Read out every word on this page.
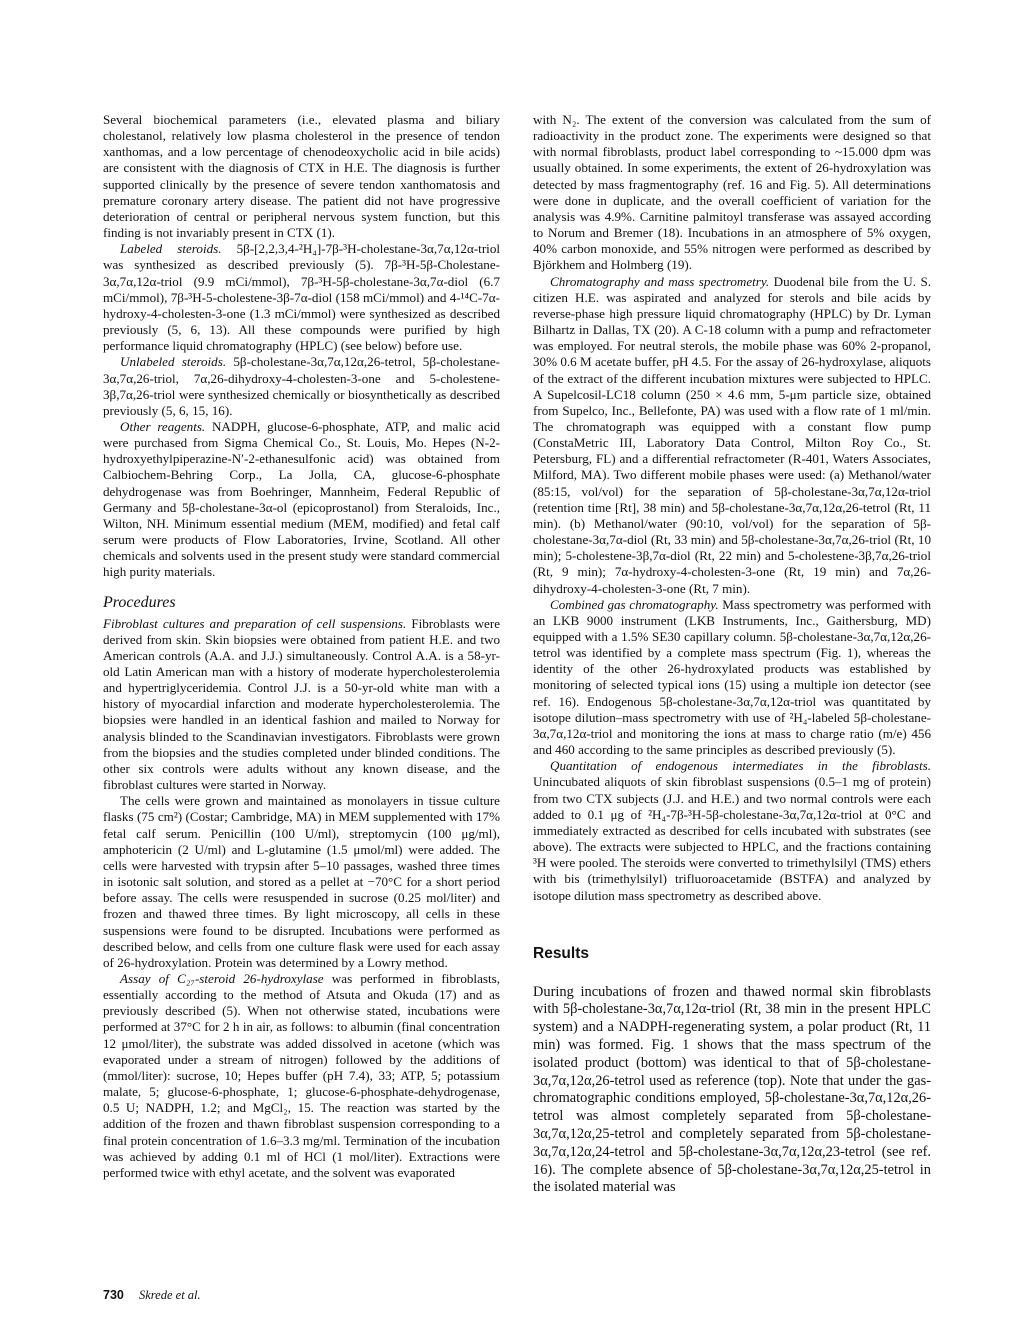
Several biochemical parameters (i.e., elevated plasma and biliary cholestanol, relatively low plasma cholesterol in the presence of tendon xanthomas, and a low percentage of chenodeoxycholic acid in bile acids) are consistent with the diagnosis of CTX in H.E. The diagnosis is further supported clinically by the presence of severe tendon xanthomatosis and premature coronary artery disease. The patient did not have progressive deterioration of central or peripheral nervous system function, but this finding is not invariably present in CTX (1).

Labeled steroids. 5β-[2,2,3,4-²H₄]-7β-³H-cholestane-3α,7α,12α-triol was synthesized as described previously (5). 7β-³H-5β-Cholestane-3α,7α,12α-triol (9.9 mCi/mmol), 7β-³H-5β-cholestane-3α,7α-diol (6.7 mCi/mmol), 7β-³H-5-cholestene-3β-7α-diol (158 mCi/mmol) and 4-¹⁴C-7α-hydroxy-4-cholesten-3-one (1.3 mCi/mmol) were synthesized as described previously (5, 6, 13). All these compounds were purified by high performance liquid chromatography (HPLC) (see below) before use.

Unlabeled steroids. 5β-cholestane-3α,7α,12α,26-tetrol, 5β-cholestane-3α,7α,26-triol, 7α,26-dihydroxy-4-cholesten-3-one and 5-cholestene-3β,7α,26-triol were synthesized chemically or biosynthetically as described previously (5, 6, 15, 16).

Other reagents. NADPH, glucose-6-phosphate, ATP, and malic acid were purchased from Sigma Chemical Co., St. Louis, Mo. Hepes (N-2-hydroxyethylpiperazine-N′-2-ethanesulfonic acid) was obtained from Calbiochem-Behring Corp., La Jolla, CA, glucose-6-phosphate dehydrogenase was from Boehringer, Mannheim, Federal Republic of Germany and 5β-cholestane-3α-ol (epicoprostanol) from Steraloids, Inc., Wilton, NH. Minimum essential medium (MEM, modified) and fetal calf serum were products of Flow Laboratories, Irvine, Scotland. All other chemicals and solvents used in the present study were standard commercial high purity materials.

Procedures

Fibroblast cultures and preparation of cell suspensions. Fibroblasts were derived from skin. Skin biopsies were obtained from patient H.E. and two American controls (A.A. and J.J.) simultaneously. Control A.A. is a 58-yr-old Latin American man with a history of moderate hypercholesterolemia and hypertriglyceridemia. Control J.J. is a 50-yr-old white man with a history of myocardial infarction and moderate hypercholesterolemia. The biopsies were handled in an identical fashion and mailed to Norway for analysis blinded to the Scandinavian investigators. Fibroblasts were grown from the biopsies and the studies completed under blinded conditions. The other six controls were adults without any known disease, and the fibroblast cultures were started in Norway.

The cells were grown and maintained as monolayers in tissue culture flasks (75 cm²) (Costar; Cambridge, MA) in MEM supplemented with 17% fetal calf serum. Penicillin (100 U/ml), streptomycin (100 μg/ml), amphotericin (2 U/ml) and L-glutamine (1.5 μmol/ml) were added. The cells were harvested with trypsin after 5–10 passages, washed three times in isotonic salt solution, and stored as a pellet at −70°C for a short period before assay. The cells were resuspended in sucrose (0.25 mol/liter) and frozen and thawed three times. By light microscopy, all cells in these suspensions were found to be disrupted. Incubations were performed as described below, and cells from one culture flask were used for each assay of 26-hydroxylation. Protein was determined by a Lowry method.

Assay of C₂₇-steroid 26-hydroxylase was performed in fibroblasts, essentially according to the method of Atsuta and Okuda (17) and as previously described (5). When not otherwise stated, incubations were performed at 37°C for 2 h in air, as follows: to albumin (final concentration 12 μmol/liter), the substrate was added dissolved in acetone (which was evaporated under a stream of nitrogen) followed by the additions of (mmol/liter): sucrose, 10; Hepes buffer (pH 7.4), 33; ATP, 5; potassium malate, 5; glucose-6-phosphate, 1; glucose-6-phosphate-dehydrogenase, 0.5 U; NADPH, 1.2; and MgCl₂, 15. The reaction was started by the addition of the frozen and thawn fibroblast suspension corresponding to a final protein concentration of 1.6–3.3 mg/ml. Termination of the incubation was achieved by adding 0.1 ml of HCl (1 mol/liter). Extractions were performed twice with ethyl acetate, and the solvent was evaporated

with N₂. The extent of the conversion was calculated from the sum of radioactivity in the product zone. The experiments were designed so that with normal fibroblasts, product label corresponding to ~15.000 dpm was usually obtained. In some experiments, the extent of 26-hydroxylation was detected by mass fragmentography (ref. 16 and Fig. 5). All determinations were done in duplicate, and the overall coefficient of variation for the analysis was 4.9%. Carnitine palmitoyl transferase was assayed according to Norum and Bremer (18). Incubations in an atmosphere of 5% oxygen, 40% carbon monoxide, and 55% nitrogen were performed as described by Björkhem and Holmberg (19).

Chromatography and mass spectrometry. Duodenal bile from the U. S. citizen H.E. was aspirated and analyzed for sterols and bile acids by reverse-phase high pressure liquid chromatography (HPLC) by Dr. Lyman Bilhartz in Dallas, TX (20). A C-18 column with a pump and refractometer was employed. For neutral sterols, the mobile phase was 60% 2-propanol, 30% 0.6 M acetate buffer, pH 4.5. For the assay of 26-hydroxylase, aliquots of the extract of the different incubation mixtures were subjected to HPLC. A Supelcosil-LC18 column (250 × 4.6 mm, 5-μm particle size, obtained from Supelco, Inc., Bellefonte, PA) was used with a flow rate of 1 ml/min. The chromatograph was equipped with a constant flow pump (ConstaMetric III, Laboratory Data Control, Milton Roy Co., St. Petersburg, FL) and a differential refractometer (R-401, Waters Associates, Milford, MA). Two different mobile phases were used: (a) Methanol/water (85:15, vol/vol) for the separation of 5β-cholestane-3α,7α,12α-triol (retention time [Rt], 38 min) and 5β-cholestane-3α,7α,12α,26-tetrol (Rt, 11 min). (b) Methanol/water (90:10, vol/vol) for the separation of 5β-cholestane-3α,7α-diol (Rt, 33 min) and 5β-cholestane-3α,7α,26-triol (Rt, 10 min); 5-cholestene-3β,7α-diol (Rt, 22 min) and 5-cholestene-3β,7α,26-triol (Rt, 9 min); 7α-hydroxy-4-cholesten-3-one (Rt, 19 min) and 7α,26-dihydroxy-4-cholesten-3-one (Rt, 7 min).

Combined gas chromatography. Mass spectrometry was performed with an LKB 9000 instrument (LKB Instruments, Inc., Gaithersburg, MD) equipped with a 1.5% SE30 capillary column. 5β-cholestane-3α,7α,12α,26-tetrol was identified by a complete mass spectrum (Fig. 1), whereas the identity of the other 26-hydroxylated products was established by monitoring of selected typical ions (15) using a multiple ion detector (see ref. 16). Endogenous 5β-cholestane-3α,7α,12α-triol was quantitated by isotope dilution–mass spectrometry with use of ²H₄-labeled 5β-cholestane-3α,7α,12α-triol and monitoring the ions at mass to charge ratio (m/e) 456 and 460 according to the same principles as described previously (5).

Quantitation of endogenous intermediates in the fibroblasts. Unincubated aliquots of skin fibroblast suspensions (0.5–1 mg of protein) from two CTX subjects (J.J. and H.E.) and two normal controls were each added to 0.1 μg of ²H₄-7β-³H-5β-cholestane-3α,7α,12α-triol at 0°C and immediately extracted as described for cells incubated with substrates (see above). The extracts were subjected to HPLC, and the fractions containing ³H were pooled. The steroids were converted to trimethylsilyl (TMS) ethers with bis (trimethylsilyl) trifluoroacetamide (BSTFA) and analyzed by isotope dilution mass spectrometry as described above.

Results

During incubations of frozen and thawed normal skin fibroblasts with 5β-cholestane-3α,7α,12α-triol (Rt, 38 min in the present HPLC system) and a NADPH-regenerating system, a polar product (Rt, 11 min) was formed. Fig. 1 shows that the mass spectrum of the isolated product (bottom) was identical to that of 5β-cholestane-3α,7α,12α,26-tetrol used as reference (top). Note that under the gas-chromatographic conditions employed, 5β-cholestane-3α,7α,12α,26-tetrol was almost completely separated from 5β-cholestane-3α,7α,12α,25-tetrol and completely separated from 5β-cholestane-3α,7α,12α,24-tetrol and 5β-cholestane-3α,7α,12α,23-tetrol (see ref. 16). The complete absence of 5β-cholestane-3α,7α,12α,25-tetrol in the isolated material was

730 Skrede et al.
